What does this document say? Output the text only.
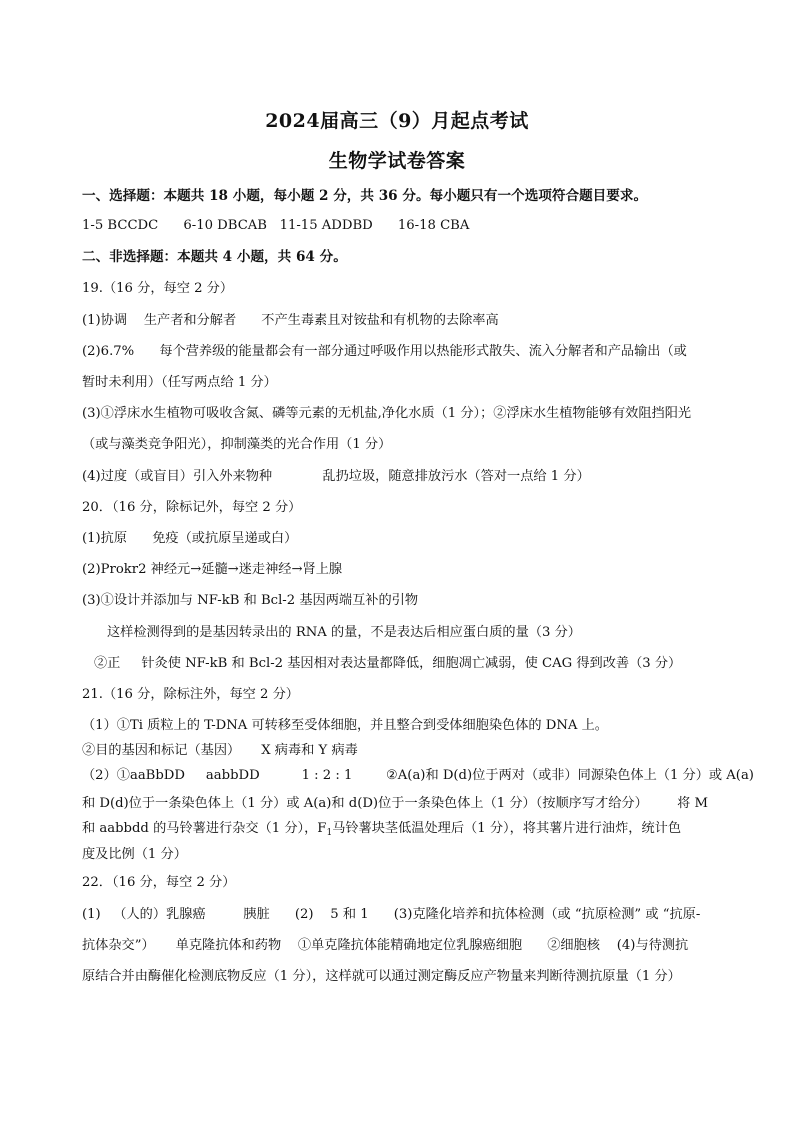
2024届高三（9）月起点考试
生物学试卷答案
一、选择题：本题共 18 小题，每小题 2 分，共 36 分。每小题只有一个选项符合题目要求。
1-5 BCCDC      6-10 DBCAB   11-15 ADDBD      16-18 CBA
二、非选择题：本题共 4 小题，共 64 分。
19.（16 分，每空 2 分）
(1)协调    生产者和分解者      不产生毒素且对铵盐和有机物的去除率高
(2)6.7%      每个营养级的能量都会有一部分通过呼吸作用以热能形式散失、流入分解者和产品输出（或
暂时未利用）（任写两点给 1 分）
(3)①浮床水生植物可吸收含氮、磷等元素的无机盐,净化水质（1 分）；②浮床水生植物能够有效阻挡阳光
（或与藻类竞争阳光），抑制藻类的光合作用（1 分）
(4)过度（或盲目）引入外来物种            乱扔垃圾，随意排放污水（答对一点给 1 分）
20．（16 分，除标记外，每空 2 分）
(1)抗原      免疫（或抗原呈递或白）
(2)Prokr2 神经元→延髓→迷走神经→肾上腺
(3)①设计并添加与 NF-kB 和 Bcl-2 基因两端互补的引物
这样检测得到的是基因转录出的 RNA 的量，不是表达后相应蛋白质的量（3 分）
②正     针灸使 NF-kB 和 Bcl-2 基因相对表达量都降低，细胞凋亡减弱，使 CAG 得到改善（3 分）
21.（16 分，除标注外，每空 2 分）
（1）①Ti 质粒上的 T-DNA 可转移至受体细胞，并且整合到受体细胞染色体的 DNA 上。
②目的基因和标记（基因）     X 病毒和 Y 病毒
（2）①aaBbDD     aabbDD          1 : 2 : 1        ②A(a)和 D(d)位于两对（或非）同源染色体上（1 分）或 A(a)
和 D(d)位于一条染色体上（1 分）或 A(a)和 d(D)位于一条染色体上（1 分）（按顺序写才给分）       将 M
和 aabbdd 的马铃薯进行杂交（1 分），$F_1$马铃薯块茎低温处理后（1 分），将其薯片进行油炸，统计色
度及比例（1 分）
22．（16 分，每空 2 分）
(1)   （人的）乳腺癌         胰脏      (2)    5 和 1      (3)克隆化培养和抗体检测（或 “抗原检测” 或 “抗原-
抗体杂交”）     单克隆抗体和药物    ①单克隆抗体能精确地定位乳腺癌细胞      ②细胞核    (4)与待测抗
原结合并由酶催化检测底物反应（1 分），这样就可以通过测定酶反应产物量来判断待测抗原量（1 分）
